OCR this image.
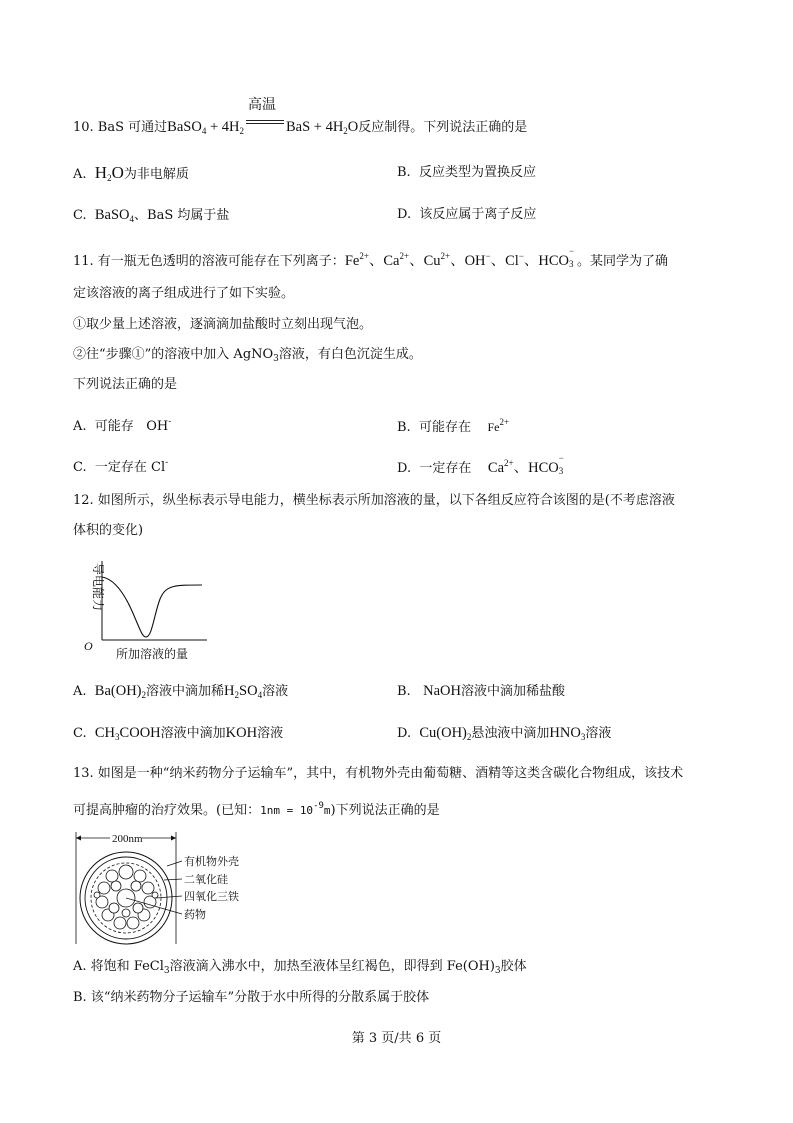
10. BaS 可通过BaSO$_4$ + $4H_2$
高温
BaS + $4H_2O$反应制得。下列说法正确的是
A. $H_2O$为非电解质	B. 反应类型为置换反应
C. BaSO$_4$、BaS 均属于盐	D. 该反应属于离子反应
11. 有一瓶无色透明的溶液可能存在下列离子：$Fe^{2+}$、$Ca^{2+}$、$Cu^{2+}$、OH−、Cl−、HCO
−
3 。某同学为了确
定该溶液的离子组成进行了如下实验。
①取少量上述溶液，逐滴滴加盐酸时立刻出现气泡。
②往“步骤①”的溶液中加入 AgNO$_3$溶液，有白色沉淀生成。
下列说法正确的是
A. 可能存 OH-	B. 可能存在 $Fe^{2+}$
C. 一定存在 Cl-	D. 一定存在 $Ca^{2+}$、HCO
−
3
12. 如图所示，纵坐标表示导电能力，横坐标表示所加溶液的量，以下各组反应符合该图的是(不考虑溶液
体积的变化)
导电能力
O
所加溶液的量
A. $Ba(OH)_2$溶液中滴加稀$H_2SO_4$溶液	B. NaOH溶液中滴加稀盐酸
C. $CH_3COOH$溶液中滴加KOH溶液	D. $Cu(OH)_2$悬浊液中滴加$HNO_3$溶液
13. 如图是一种“纳米药物分子运输车”，其中，有机物外壳由葡萄糖、酒精等这类含碳化合物组成，该技术
可提高肿瘤的治疗效果。(已知：$1nm = 10^{-9}m$)下列说法正确的是
200nm
有机物外壳
二氧化硅
四氧化三铁
药物
A. 将饱和 FeCl$_3$溶液滴入沸水中，加热至液体呈红褐色，即得到 $Fe(OH)_3$胶体
B. 该“纳米药物分子运输车”分散于水中所得的分散系属于胶体
第 3 页/共 6 页
